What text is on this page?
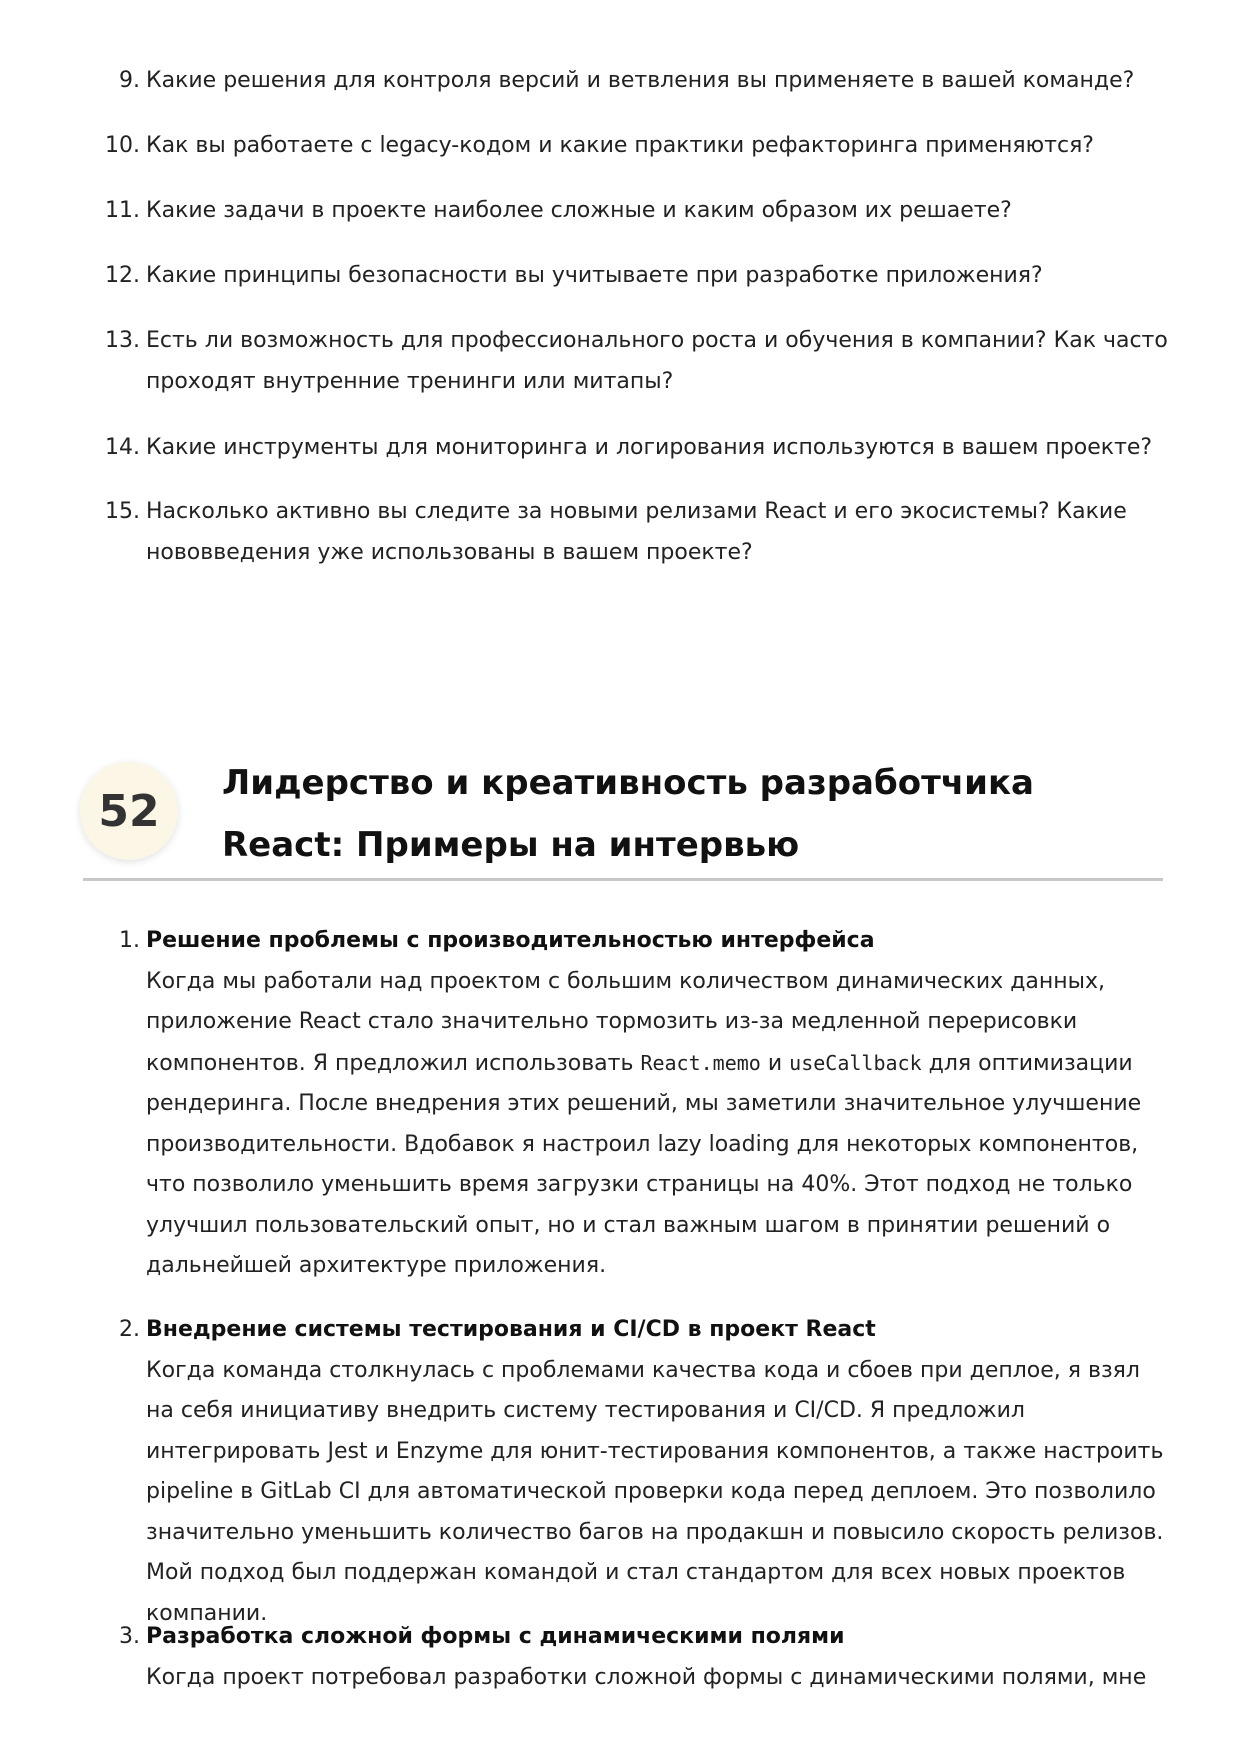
9. Какие решения для контроля версий и ветвления вы применяете в вашей команде?
10. Как вы работаете с legacy-кодом и какие практики рефакторинга применяются?
11. Какие задачи в проекте наиболее сложные и каким образом их решаете?
12. Какие принципы безопасности вы учитываете при разработке приложения?
13. Есть ли возможность для профессионального роста и обучения в компании? Как часто проходят внутренние тренинги или митапы?
14. Какие инструменты для мониторинга и логирования используются в вашем проекте?
15. Насколько активно вы следите за новыми релизами React и его экосистемы? Какие нововведения уже использованы в вашем проекте?
52
Лидерство и креативность разработчика React: Примеры на интервью
1. Решение проблемы с производительностью интерфейса
Когда мы работали над проектом с большим количеством динамических данных, приложение React стало значительно тормозить из-за медленной перерисовки компонентов. Я предложил использовать React.memo и useCallback для оптимизации рендеринга. После внедрения этих решений, мы заметили значительное улучшение производительности. Вдобавок я настроил lazy loading для некоторых компонентов, что позволило уменьшить время загрузки страницы на 40%. Этот подход не только улучшил пользовательский опыт, но и стал важным шагом в принятии решений о дальнейшей архитектуре приложения.
2. Внедрение системы тестирования и CI/CD в проект React
Когда команда столкнулась с проблемами качества кода и сбоев при деплое, я взял на себя инициативу внедрить систему тестирования и CI/CD. Я предложил интегрировать Jest и Enzyme для юнит-тестирования компонентов, а также настроить pipeline в GitLab CI для автоматической проверки кода перед деплоем. Это позволило значительно уменьшить количество багов на продакшн и повысило скорость релизов. Мой подход был поддержан командой и стал стандартом для всех новых проектов компании.
3. Разработка сложной формы с динамическими полями
Когда проект потребовал разработки сложной формы с динамическими полями, мне
